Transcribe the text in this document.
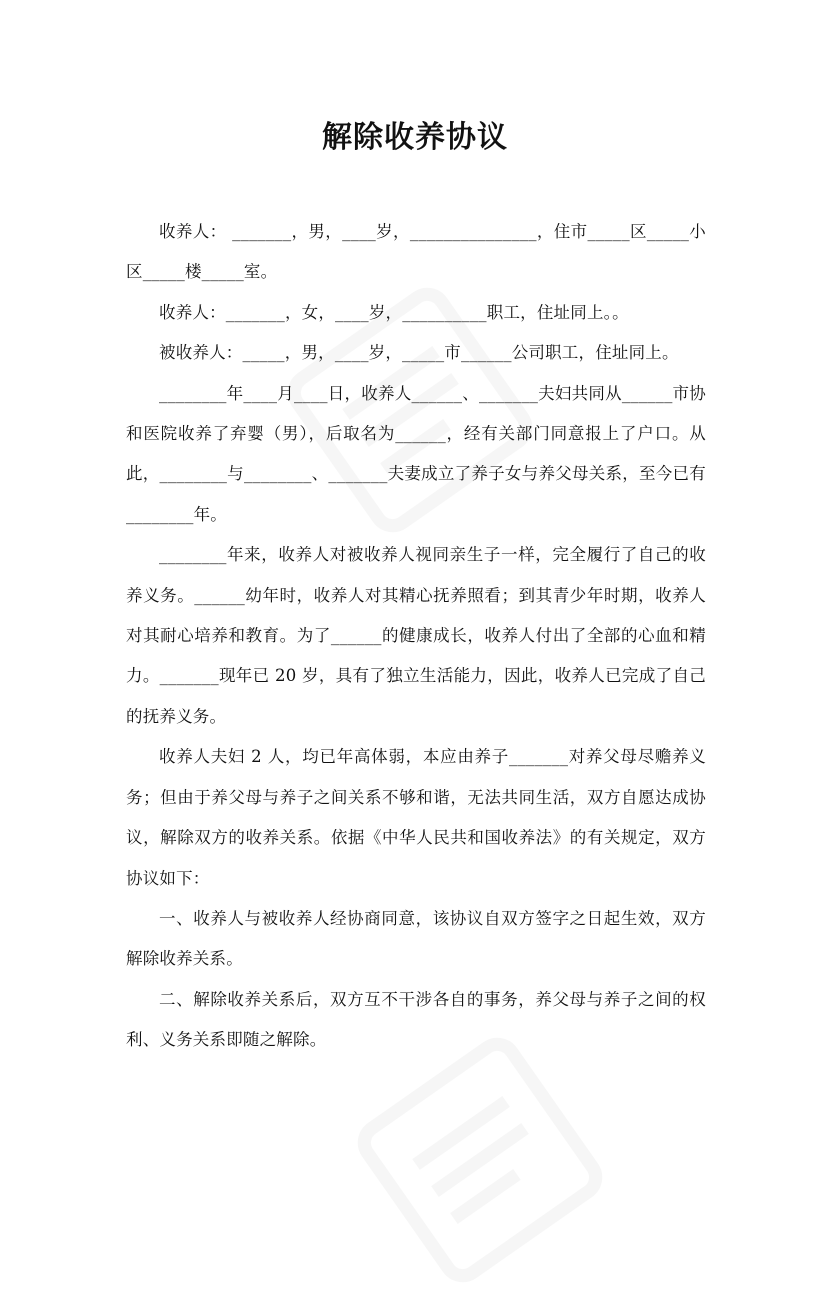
解除收养协议

收养人： _______，男，____岁，_______________，住市_____区_____小区_____楼_____室。

收养人：_______，女，____岁，__________职工，住址同上。。

被收养人：_____，男，____岁，_____市______公司职工，住址同上。

________年____月____日，收养人______、_______夫妇共同从______市协和医院收养了弃婴（男），后取名为______，经有关部门同意报上了户口。从此，________与________、_______夫妻成立了养子女与养父母关系，至今已有________年。

________年来，收养人对被收养人视同亲生子一样，完全履行了自己的收养义务。______幼年时，收养人对其精心抚养照看；到其青少年时期，收养人对其耐心培养和教育。为了______的健康成长，收养人付出了全部的心血和精力。_______现年已 20 岁，具有了独立生活能力，因此，收养人已完成了自己的抚养义务。

收养人夫妇 2 人，均已年高体弱，本应由养子_______对养父母尽赡养义务；但由于养父母与养子之间关系不够和谐，无法共同生活，双方自愿达成协议，解除双方的收养关系。依据《中华人民共和国收养法》的有关规定，双方协议如下：

一、收养人与被收养人经协商同意，该协议自双方签字之日起生效，双方解除收养关系。

二、解除收养关系后，双方互不干涉各自的事务，养父母与养子之间的权利、义务关系即随之解除。
